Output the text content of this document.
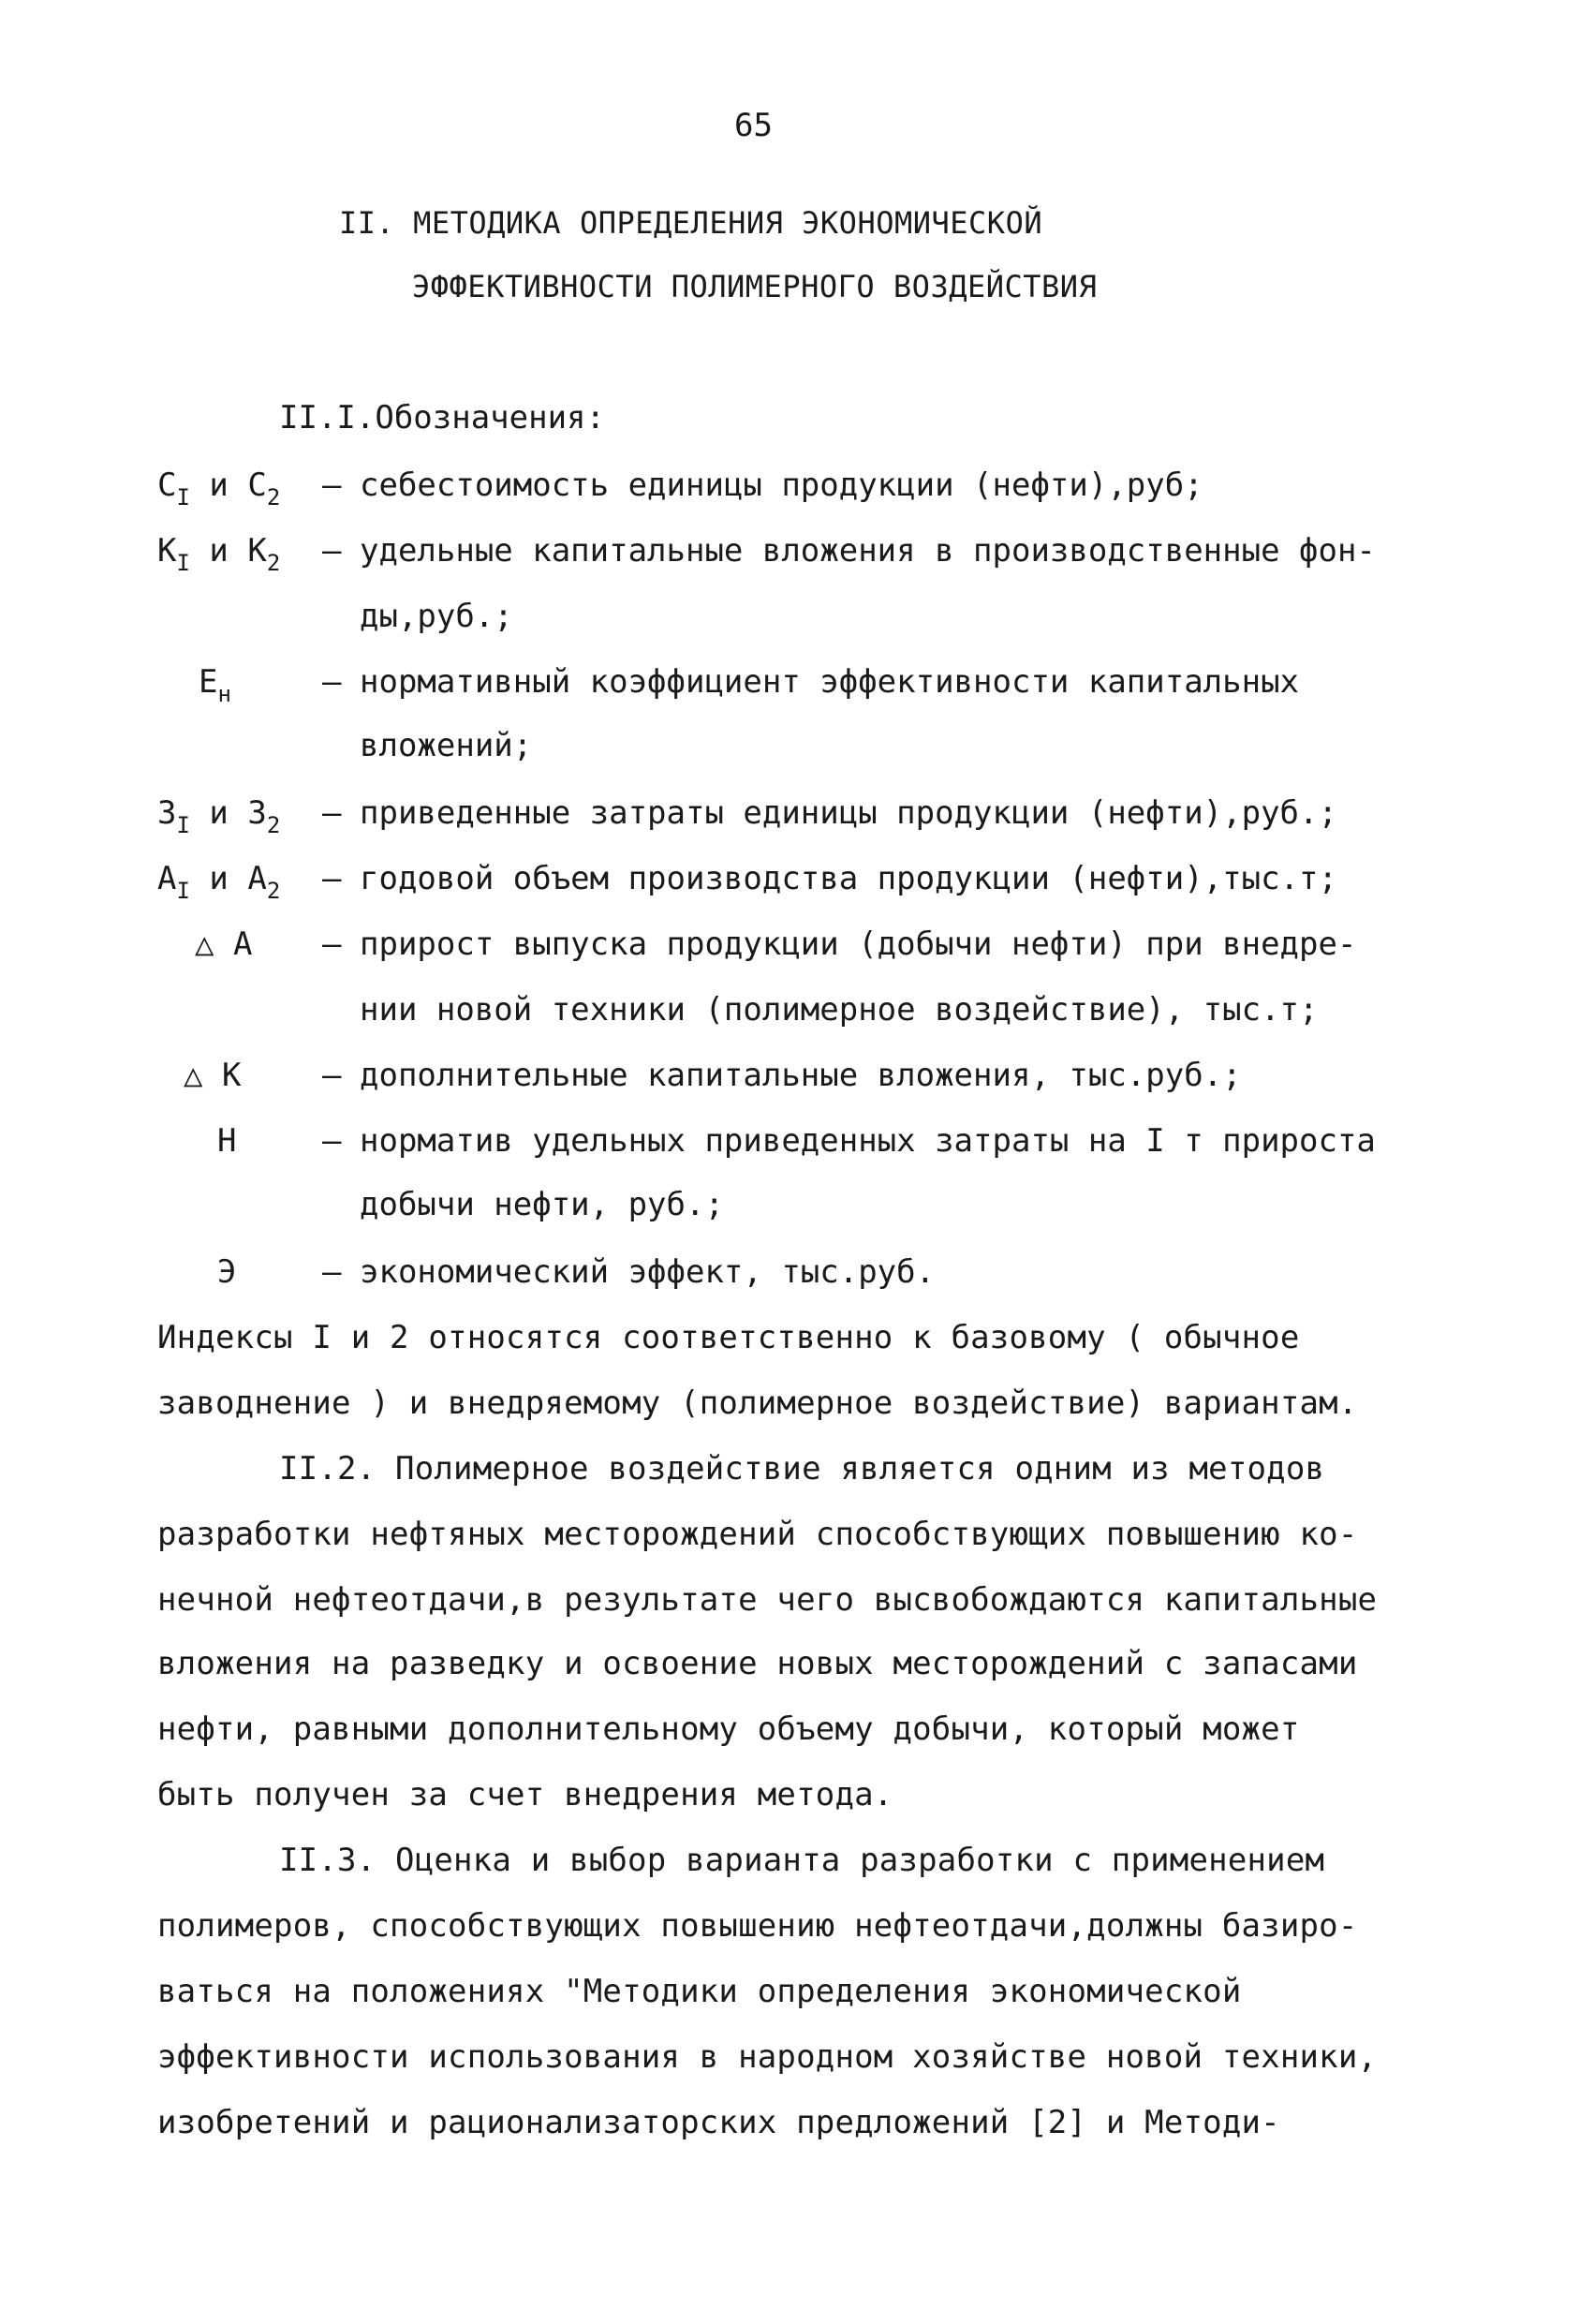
65
II. МЕТОДИКА ОПРЕДЕЛЕНИЯ ЭКОНОМИЧЕСКОЙ
ЭФФЕКТИВНОСТИ ПОЛИМЕРНОГО ВОЗДЕЙСТВИЯ
II.I.Обозначения:
$C_I$ и $C_2$ – себестоимость единицы продукции (нефти),руб;
$К_I$ и $К_2$ – удельные капитальные вложения в производственные фон-
ды,руб.;
$Е_н$	– нормативный коэффициент эффективности капитальных
вложений;
$З_I$ и $З_2$ – приведенные затраты единицы продукции (нефти),руб.;
$А_I$ и $А_2$ – годовой объем производства продукции (нефти),тыс.т;
△ А – прирост выпуска продукции (добычи нефти) при внедре-
нии новой техники (полимерное воздействие), тыс.т;
△ К	– дополнительные капитальные вложения, тыс.руб.;
Н	– норматив удельных приведенных затраты на I т прироста
добычи нефти, руб.;
Э	– экономический эффект, тыс.руб.
Индексы I и 2 относятся соответственно к базовому ( обычное
заводнение ) и внедряемому (полимерное воздействие) вариантам.
II.2. Полимерное воздействие является одним из методов
разработки нефтяных месторождений способствующих повышению ко-
нечной нефтеотдачи,в результате чего высвобождаются капитальные
вложения на разведку и освоение новых месторождений с запасами
нефти, равными дополнительному объему добычи, который может
быть получен за счет внедрения метода.
II.3. Оценка и выбор варианта разработки с применением
полимеров, способствующих повышению нефтеотдачи,должны базиро-
ваться на положениях "Методики определения экономической
эффективности использования в народном хозяйстве новой техники,
изобретений и рационализаторских предложений [2] и Методи-
